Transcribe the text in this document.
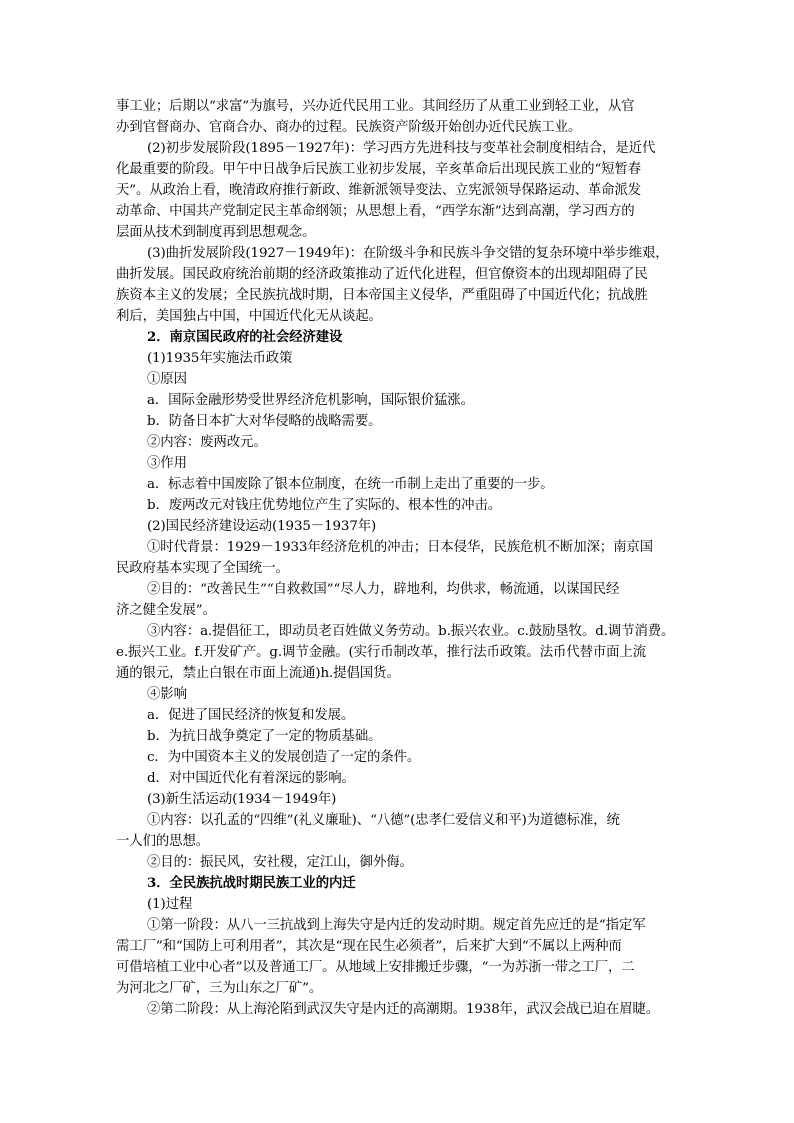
事工业；后期以“求富”为旗号，兴办近代民用工业。其间经历了从重工业到轻工业，从官
办到官督商办、官商合办、商办的过程。民族资产阶级开始创办近代民族工业。
(2)初步发展阶段(1895－1927年)：学习西方先进科技与变革社会制度相结合，是近代
化最重要的阶段。甲午中日战争后民族工业初步发展，辛亥革命后出现民族工业的“短暂春
天”。从政治上看，晚清政府推行新政、维新派领导变法、立宪派领导保路运动、革命派发
动革命、中国共产党制定民主革命纲领；从思想上看，“西学东渐”达到高潮，学习西方的
层面从技术到制度再到思想观念。
(3)曲折发展阶段(1927－1949年)：在阶级斗争和民族斗争交错的复杂环境中举步维艰，
曲折发展。国民政府统治前期的经济政策推动了近代化进程，但官僚资本的出现却阻碍了民
族资本主义的发展；全民族抗战时期，日本帝国主义侵华，严重阻碍了中国近代化；抗战胜
利后，美国独占中国，中国近代化无从谈起。
2．南京国民政府的社会经济建设
(1)1935年实施法币政策
①原因
a．国际金融形势受世界经济危机影响，国际银价猛涨。
b．防备日本扩大对华侵略的战略需要。
②内容：废两改元。
③作用
a．标志着中国废除了银本位制度，在统一币制上走出了重要的一步。
b．废两改元对钱庄优势地位产生了实际的、根本性的冲击。
(2)国民经济建设运动(1935－1937年)
①时代背景：1929－1933年经济危机的冲击；日本侵华，民族危机不断加深；南京国
民政府基本实现了全国统一。
②目的：“改善民生”“自救救国”“尽人力，辟地利，均供求，畅流通，以谋国民经
济之健全发展”。
③内容：a.提倡征工，即动员老百姓做义务劳动。b.振兴农业。c.鼓励垦牧。d.调节消费。
e.振兴工业。f.开发矿产。g.调节金融。(实行币制改革，推行法币政策。法币代替市面上流
通的银元，禁止白银在市面上流通)h.提倡国货。
④影响
a．促进了国民经济的恢复和发展。
b．为抗日战争奠定了一定的物质基础。
c．为中国资本主义的发展创造了一定的条件。
d．对中国近代化有着深远的影响。
(3)新生活运动(1934－1949年)
①内容：以孔孟的“四维”(礼义廉耻)、“八德”(忠孝仁爱信义和平)为道德标准，统
一人们的思想。
②目的：振民风，安社稷，定江山，御外侮。
3．全民族抗战时期民族工业的内迁
(1)过程
①第一阶段：从八一三抗战到上海失守是内迁的发动时期。规定首先应迁的是“指定军
需工厂”和“国防上可利用者”，其次是“现在民生必须者”，后来扩大到“不属以上两种而
可借培植工业中心者”以及普通工厂。从地域上安排搬迁步骤，“一为苏浙一带之工厂，二
为河北之厂矿，三为山东之厂矿”。
②第二阶段：从上海沦陷到武汉失守是内迁的高潮期。1938年，武汉会战已迫在眉睫。
